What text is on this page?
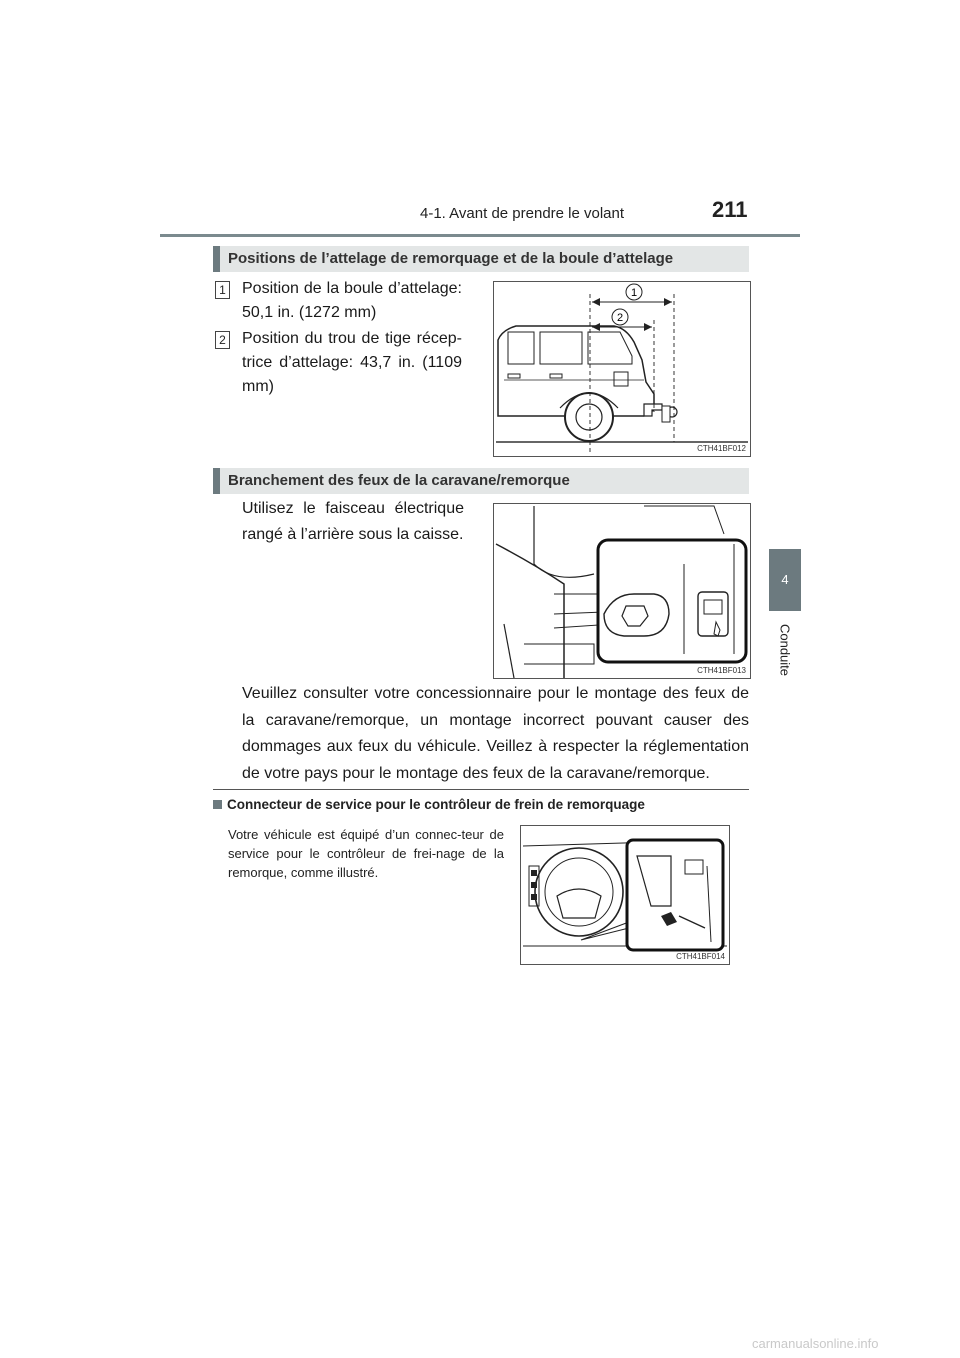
4-1. Avant de prendre le volant	211
4
Conduite
Positions de l’attelage de remorquage et de la boule d’attelage
1 Position de la boule d’attelage: 50,1 in. (1272 mm)
2 Position du trou de tige récep-trice d’attelage: 43,7 in. (1109 mm)
1
2
CTH41BF012
Branchement des feux de la caravane/remorque
Utilisez le faisceau électrique rangé à l’arrière sous la caisse.
CTH41BF013
Veuillez consulter votre concessionnaire pour le montage des feux de la caravane/remorque, un montage incorrect pouvant causer des dommages aux feux du véhicule. Veillez à respecter la réglementation de votre pays pour le montage des feux de la caravane/remorque.
Connecteur de service pour le contrôleur de frein de remorquage
Votre véhicule est équipé d’un connec-teur de service pour le contrôleur de frei-nage de la remorque, comme illustré.
CTH41BF014
carmanualsonline.info
